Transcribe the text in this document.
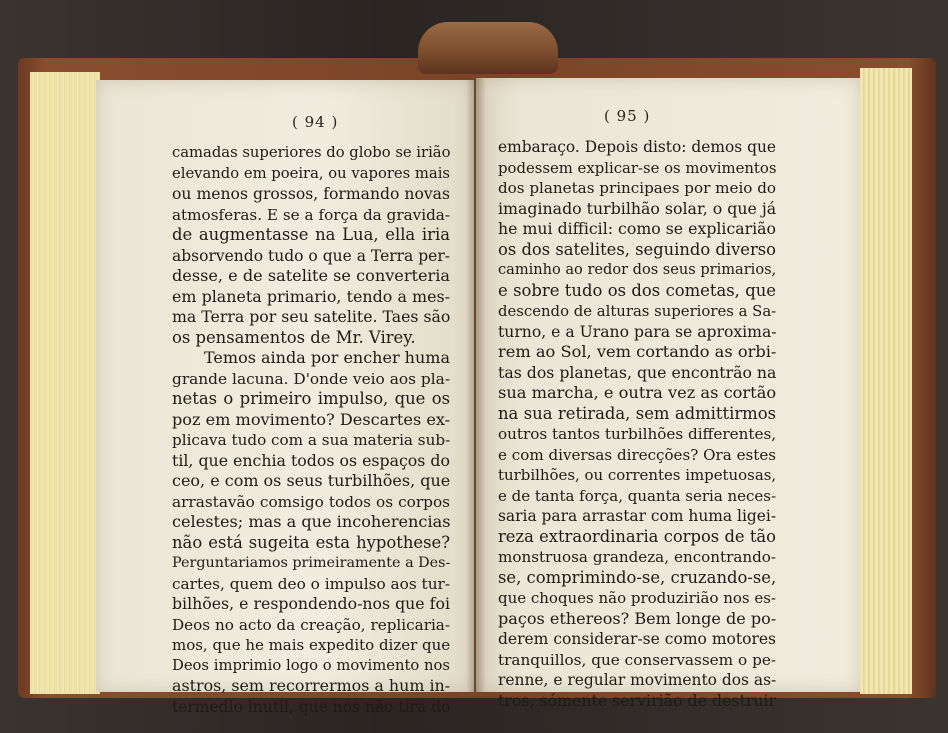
( 94 )	( 95 )
camadas superiores do globo se irião
elevando em poeira, ou vapores mais
ou menos grossos, formando novas
atmosferas. E se a força da gravida-
de augmentasse na Lua, ella iria
absorvendo tudo o que a Terra per-
desse, e de satelite se converteria
em planeta primario, tendo a mes-
ma Terra por seu satelite. Taes são
os pensamentos de Mr. Virey.
Temos ainda por encher huma
grande lacuna. D'onde veio aos pla-
netas o primeiro impulso, que os
poz em movimento? Descartes ex-
plicava tudo com a sua materia sub-
til, que enchia todos os espaços do
ceo, e com os seus turbilhões, que
arrastavão comsigo todos os corpos
celestes; mas a que incoherencias
não está sugeita esta hypothese?
Perguntariamos primeiramente a Des-
cartes, quem deo o impulso aos tur-
bilhões, e respondendo-nos que foi
Deos no acto da creação, replicaria-
mos, que he mais expedito dizer que
Deos imprimio logo o movimento nos
astros, sem recorrermos a hum in-
termedio inutil, que nos não tira do
embaraço. Depois disto: demos que
podessem explicar-se os movimentos
dos planetas principaes por meio do
imaginado turbilhão solar, o que já
he mui difficil: como se explicarião
os dos satelites, seguindo diverso
caminho ao redor dos seus primarios,
e sobre tudo os dos cometas, que
descendo de alturas superiores a Sa-
turno, e a Urano para se aproxima-
rem ao Sol, vem cortando as orbi-
tas dos planetas, que encontrão na
sua marcha, e outra vez as cortão
na sua retirada, sem admittirmos
outros tantos turbilhões differentes,
e com diversas direcções? Ora estes
turbilhões, ou correntes impetuosas,
e de tanta força, quanta seria neces-
saria para arrastar com huma ligei-
reza extraordinaria corpos de tão
monstruosa grandeza, encontrando-
se, comprimindo-se, cruzando-se,
que choques não produzirião nos es-
paços ethereos? Bem longe de po-
derem considerar-se como motores
tranquillos, que conservassem o pe-
renne, e regular movimento dos as-
tros, sómente servirião de destruir
